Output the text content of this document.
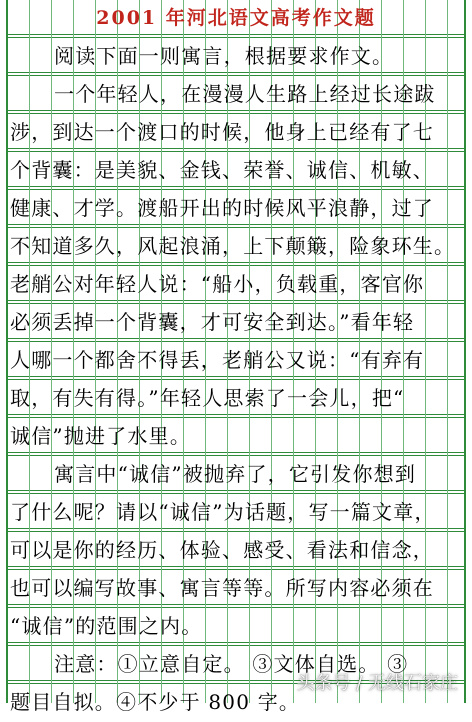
2001 年河北语文高考作文题
阅读下面一则寓言，根据要求作文。
一个年轻人，在漫漫人生路上经过长途跋
涉，到达一个渡口的时候，他身上已经有了七
个背囊：是美貌、金钱、荣誉、诚信、机敏、
健康、才学。渡船开出的时候风平浪静，过了
不知道多久，风起浪涌，上下颠簸，险象环生。
老艄公对年轻人说：“船小，负载重，客官你
必须丢掉一个背囊，才可安全到达。”看年轻
人哪一个都舍不得丢，老艄公又说：“有弃有
取，有失有得。”年轻人思索了一会儿，把“
诚信”抛进了水里。
寓言中“诚信”被抛弃了，它引发你想到
了什么呢？请以“诚信”为话题，写一篇文章，
可以是你的经历、体验、感受、看法和信念，
也可以编写故事、寓言等等。所写内容必须在
“诚信”的范围之内。
注意：①立意自定。 ③文体自选。 ③
题目自拟。④不少于 800 字。
头条号 / 无线石家庄
